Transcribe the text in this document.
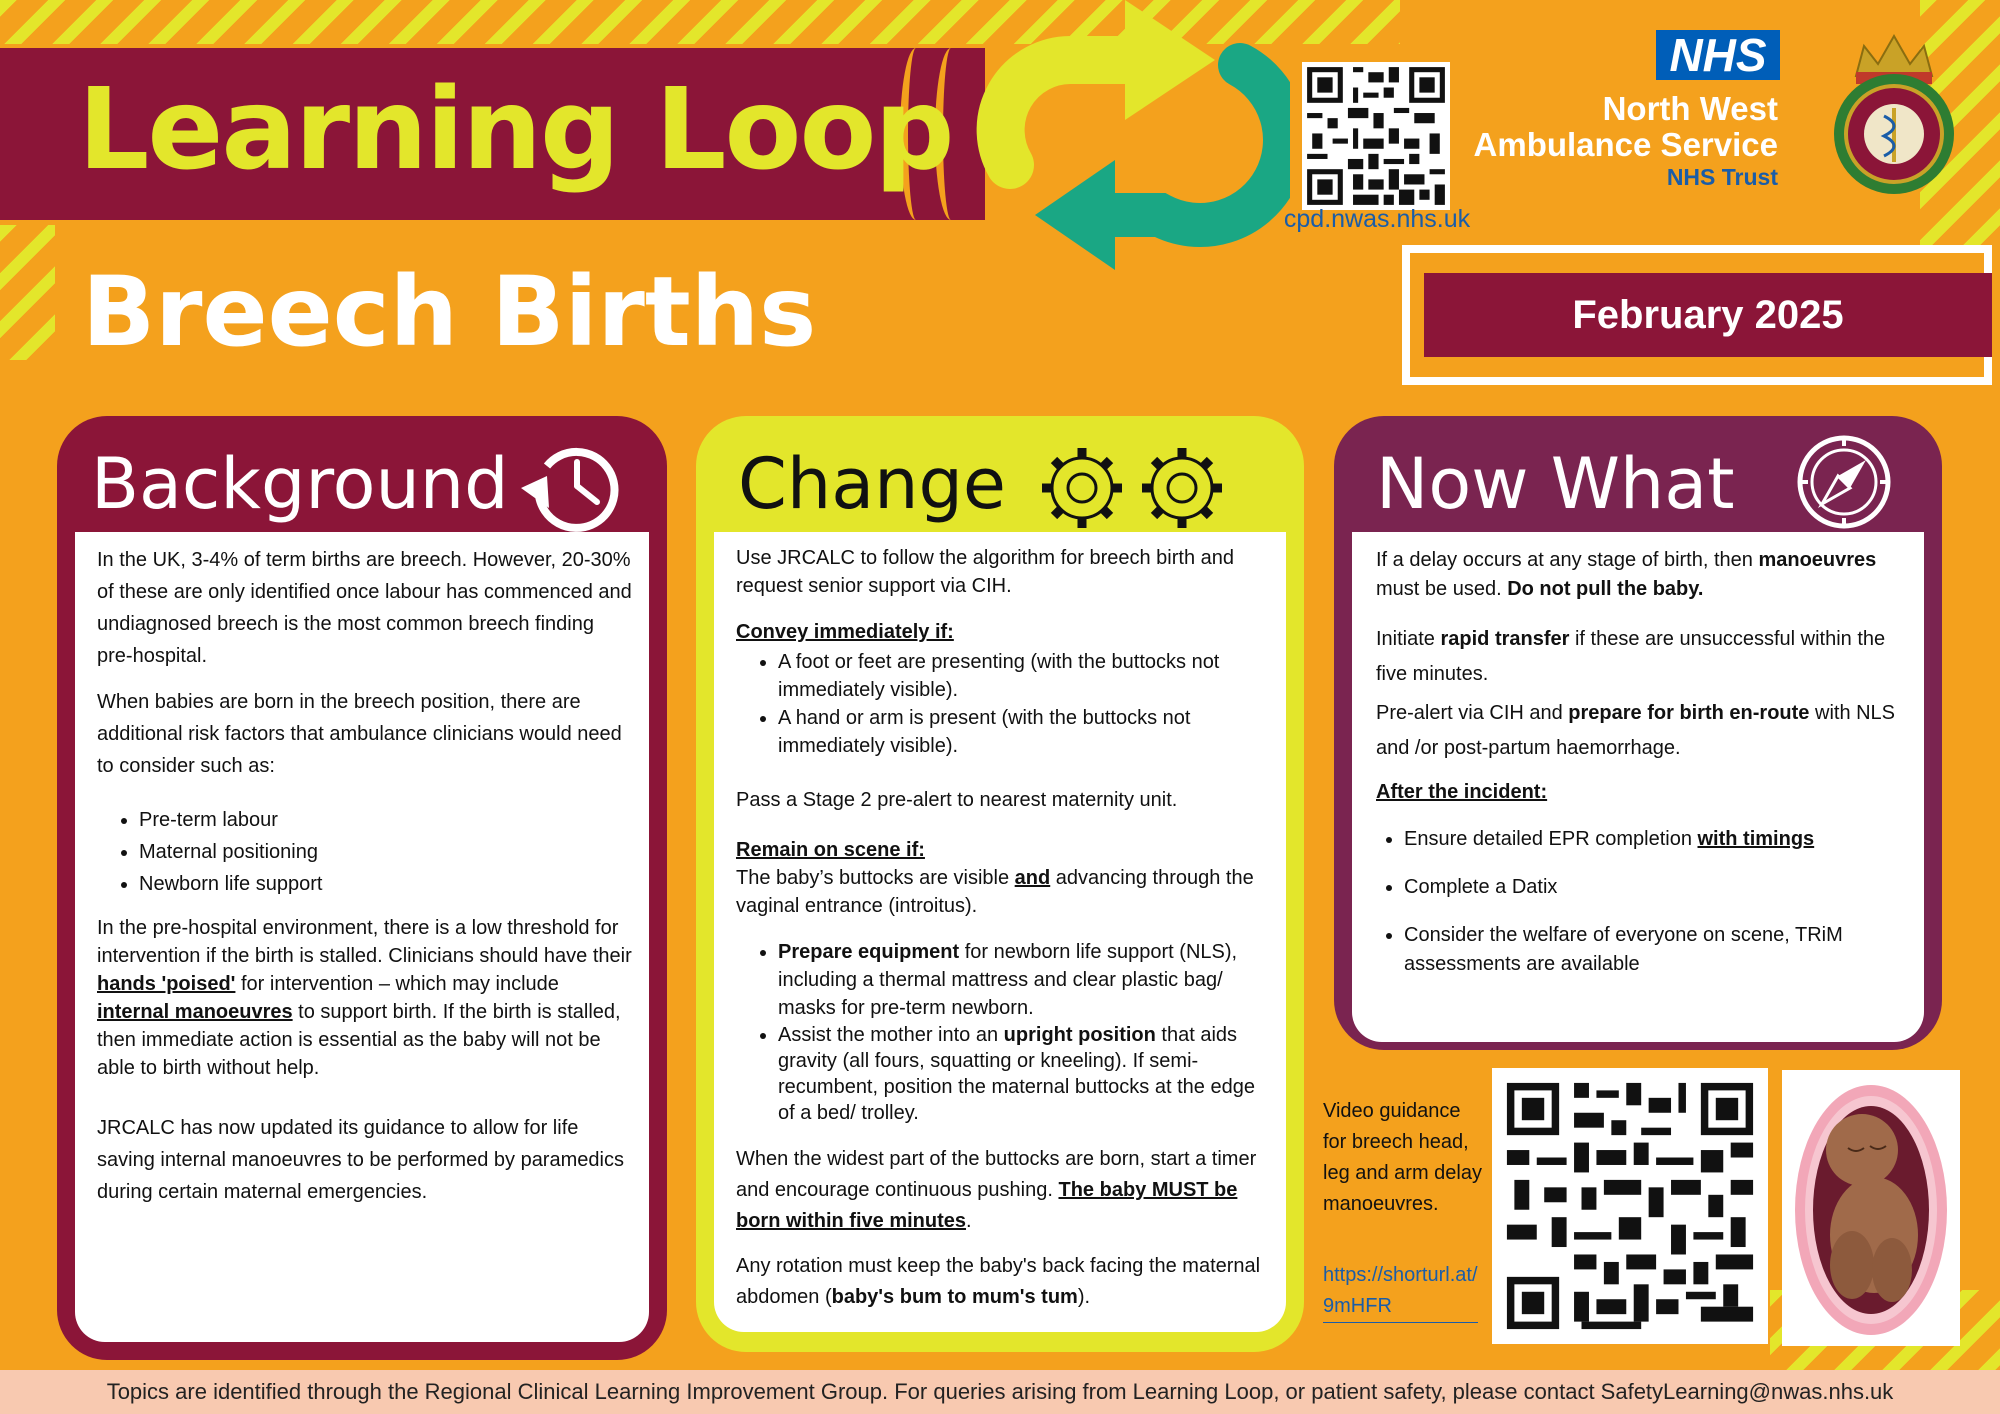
Learning Loop
Breech Births
cpd.nwas.nhs.uk
NHS
North West
Ambulance Service
NHS Trust
February 2025
Background

In the UK, 3-4% of term births are breech. However, 20-30% of these are only identified once labour has commenced and undiagnosed breech is the most common breech finding pre-hospital.

When babies are born in the breech position, there are additional risk factors that ambulance clinicians would need to consider such as:

• Pre-term labour
• Maternal positioning
• Newborn life support

In the pre-hospital environment, there is a low threshold for intervention if the birth is stalled. Clinicians should have their hands 'poised' for intervention – which may include internal manoeuvres to support birth. If the birth is stalled, then immediate action is essential as the baby will not be able to birth without help.

JRCALC has now updated its guidance to allow for life saving internal manoeuvres to be performed by paramedics during certain maternal emergencies.

Change

Use JRCALC to follow the algorithm for breech birth and request senior support via CIH.

Convey immediately if:
• A foot or feet are presenting (with the buttocks not immediately visible).
• A hand or arm is present (with the buttocks not immediately visible).

Pass a Stage 2 pre-alert to nearest maternity unit.

Remain on scene if:

The baby’s buttocks are visible and advancing through the vaginal entrance (introitus).

• Prepare equipment for newborn life support (NLS), including a thermal mattress and clear plastic bag/ masks for pre-term newborn.
• Assist the mother into an upright position that aids gravity (all fours, squatting or kneeling). If semi-recumbent, position the maternal buttocks at the edge of a bed/ trolley.

When the widest part of the buttocks are born, start a timer and encourage continuous pushing. The baby MUST be born within five minutes.

Any rotation must keep the baby's back facing the maternal abdomen (baby's bum to mum's tum).

Now What

If a delay occurs at any stage of birth, then manoeuvres must be used. Do not pull the baby.

Initiate rapid transfer if these are unsuccessful within the five minutes.

Pre-alert via CIH and prepare for birth en-route with NLS and /or post-partum haemorrhage.

After the incident:
• Ensure detailed EPR completion with timings
• Complete a Datix
• Consider the welfare of everyone on scene, TRiM assessments are available
Video guidance for breech head, leg and arm delay manoeuvres.
https://shorturl.at/9mHFR
Topics are identified through the Regional Clinical Learning Improvement Group. For queries arising from Learning Loop, or patient safety, please contact SafetyLearning@nwas.nhs.uk
